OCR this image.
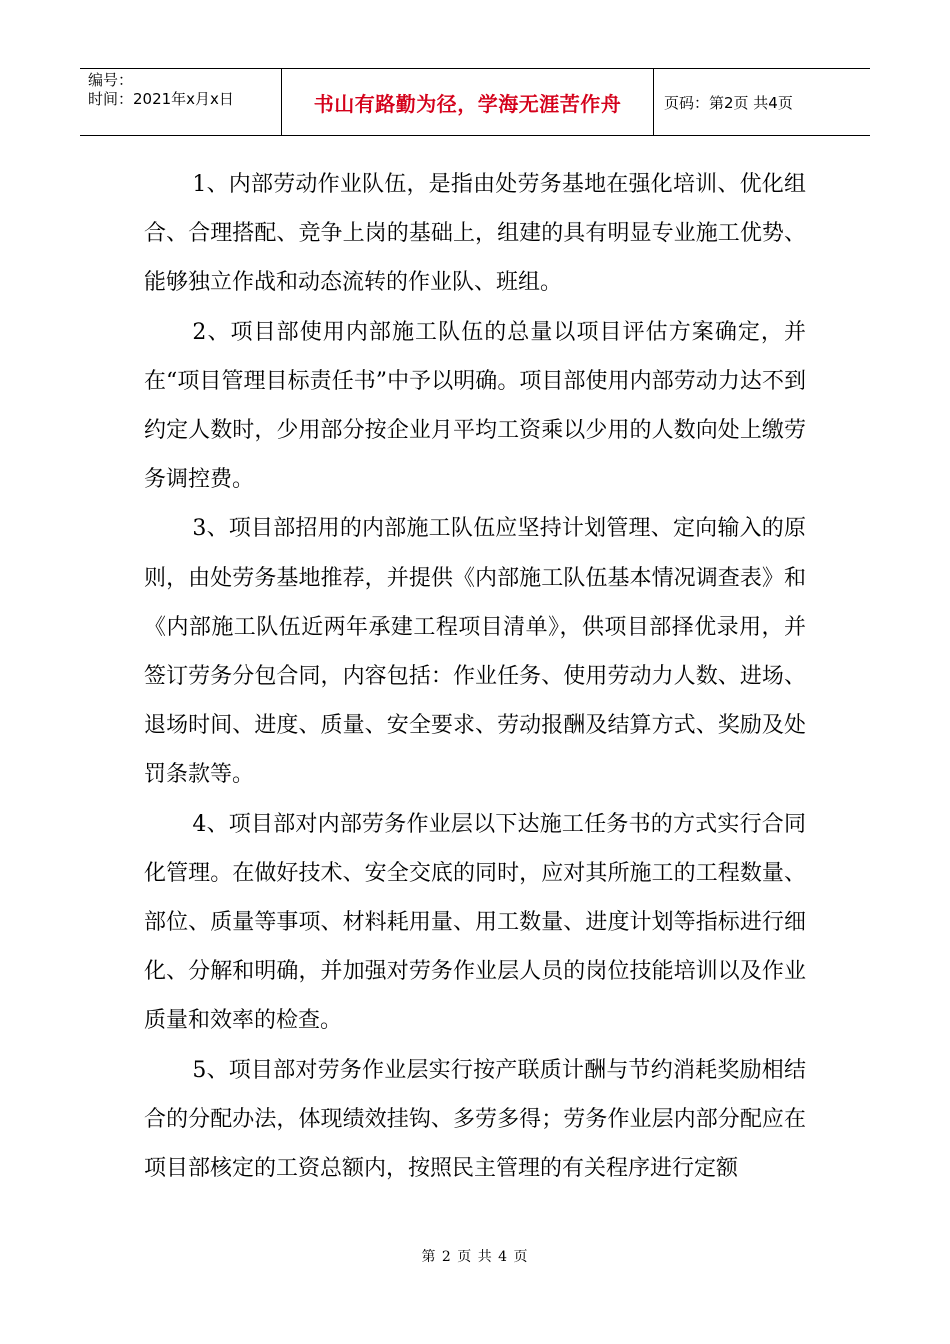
编号：
时间：2021年x月x日	书山有路勤为径，学海无涯苦作舟	页码：第2页 共4页

1、内部劳动作业队伍，是指由处劳务基地在强化培训、优化组合、合理搭配、竞争上岗的基础上，组建的具有明显专业施工优势、能够独立作战和动态流转的作业队、班组。

2、项目部使用内部施工队伍的总量以项目评估方案确定，并在“项目管理目标责任书”中予以明确。项目部使用内部劳动力达不到约定人数时，少用部分按企业月平均工资乘以少用的人数向处上缴劳务调控费。

3、项目部招用的内部施工队伍应坚持计划管理、定向输入的原则，由处劳务基地推荐，并提供《内部施工队伍基本情况调查表》和《内部施工队伍近两年承建工程项目清单》，供项目部择优录用，并签订劳务分包合同，内容包括：作业任务、使用劳动力人数、进场、退场时间、进度、质量、安全要求、劳动报酬及结算方式、奖励及处罚条款等。

4、项目部对内部劳务作业层以下达施工任务书的方式实行合同化管理。在做好技术、安全交底的同时，应对其所施工的工程数量、部位、质量等事项、材料耗用量、用工数量、进度计划等指标进行细化、分解和明确，并加强对劳务作业层人员的岗位技能培训以及作业质量和效率的检查。

5、项目部对劳务作业层实行按产联质计酬与节约消耗奖励相结合的分配办法，体现绩效挂钩、多劳多得；劳务作业层内部分配应在项目部核定的工资总额内，按照民主管理的有关程序进行定额

第 2 页 共 4 页
